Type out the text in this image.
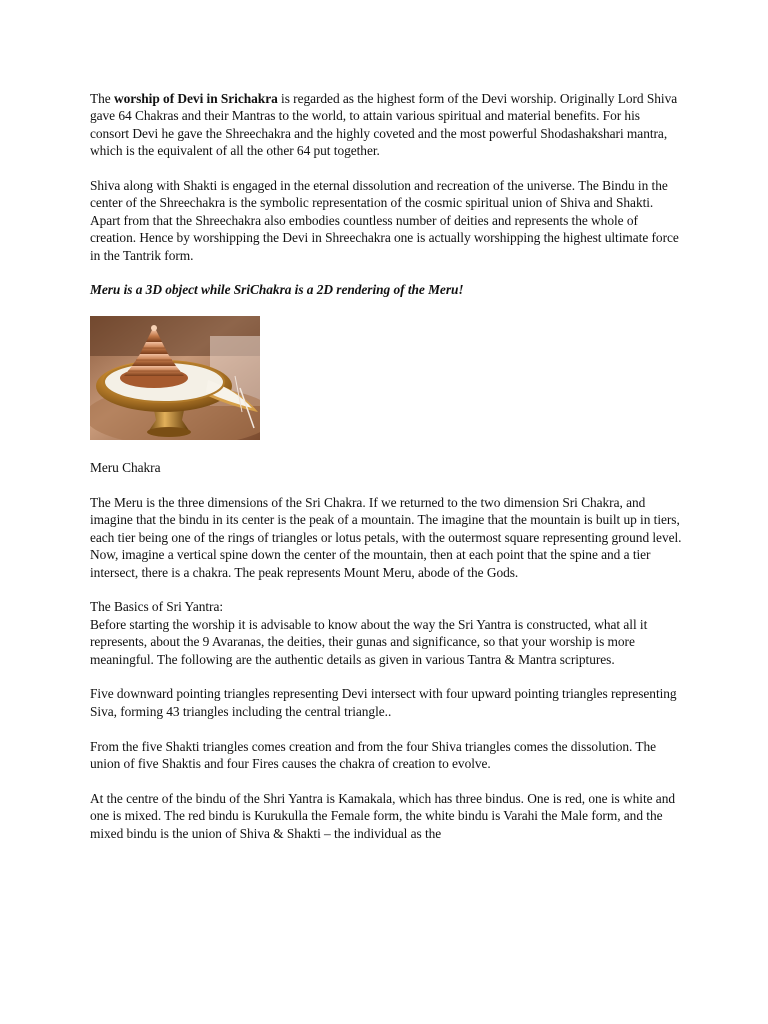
The worship of Devi in Srichakra is regarded as the highest form of the Devi worship. Originally Lord Shiva gave 64 Chakras and their Mantras to the world, to attain various spiritual and material benefits. For his consort Devi he gave the Shreechakra and the highly coveted and the most powerful Shodashakshari mantra, which is the equivalent of all the other 64 put together.

Shiva along with Shakti is engaged in the eternal dissolution and recreation of the universe. The Bindu in the center of the Shreechakra is the symbolic representation of the cosmic spiritual union of Shiva and Shakti. Apart from that the Shreechakra also embodies countless number of deities and represents the whole of creation. Hence by worshipping the Devi in Shreechakra one is actually worshipping the highest ultimate force in the Tantrik form.

Meru is a 3D object while SriChakra is a 2D rendering of the Meru!

Meru Chakra

The Meru is the three dimensions of the Sri Chakra. If we returned to the two dimension Sri Chakra, and imagine that the bindu in its center is the peak of a mountain. The imagine that the mountain is built up in tiers, each tier being one of the rings of triangles or lotus petals, with the outermost square representing ground level. Now, imagine a vertical spine down the center of the mountain, then at each point that the spine and a tier intersect, there is a chakra. The peak represents Mount Meru, abode of the Gods.

The Basics of Sri Yantra:

Before starting the worship it is advisable to know about the way the Sri Yantra is constructed, what all it represents, about the 9 Avaranas, the deities, their gunas and significance, so that your worship is more meaningful. The following are the authentic details as given in various Tantra & Mantra scriptures.

Five downward pointing triangles representing Devi intersect with four upward pointing triangles representing Siva, forming 43 triangles including the central triangle..

From the five Shakti triangles comes creation and from the four Shiva triangles comes the dissolution. The union of five Shaktis and four Fires causes the chakra of creation to evolve.

At the centre of the bindu of the Shri Yantra is Kamakala, which has three bindus. One is red, one is white and one is mixed. The red bindu is Kurukulla the Female form, the white bindu is Varahi the Male form, and the mixed bindu is the union of Shiva & Shakti – the individual as the
